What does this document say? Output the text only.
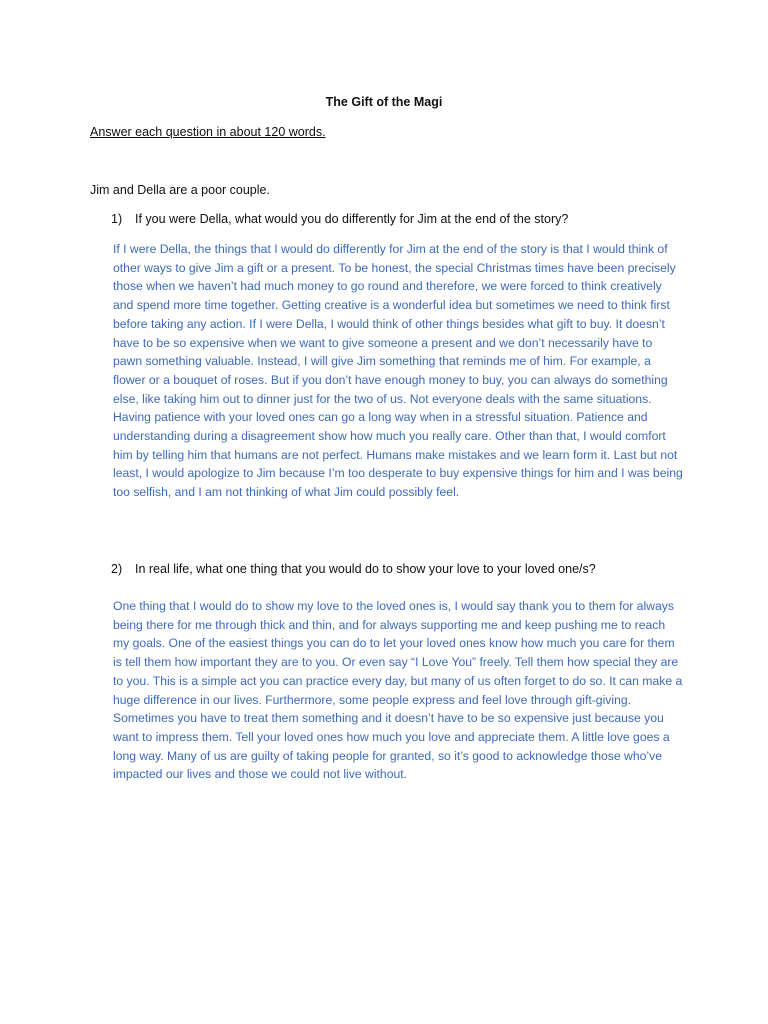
The Gift of the Magi
Answer each question in about 120 words.
Jim and Della are a poor couple.
1) If you were Della, what would you do differently for Jim at the end of the story?

If I were Della, the things that I would do differently for Jim at the end of the story is that I would think of other ways to give Jim a gift or a present. To be honest, the special Christmas times have been precisely those when we haven’t had much money to go round and therefore, we were forced to think creatively and spend more time together. Getting creative is a wonderful idea but sometimes we need to think first before taking any action. If I were Della, I would think of other things besides what gift to buy. It doesn’t have to be so expensive when we want to give someone a present and we don’t necessarily have to pawn something valuable. Instead, I will give Jim something that reminds me of him. For example, a flower or a bouquet of roses. But if you don’t have enough money to buy, you can always do something else, like taking him out to dinner just for the two of us. Not everyone deals with the same situations. Having patience with your loved ones can go a long way when in a stressful situation. Patience and understanding during a disagreement show how much you really care. Other than that, I would comfort him by telling him that humans are not perfect. Humans make mistakes and we learn form it. Last but not least, I would apologize to Jim because I’m too desperate to buy expensive things for him and I was being too selfish, and I am not thinking of what Jim could possibly feel.

2) In real life, what one thing that you would do to show your love to your loved one/s?

One thing that I would do to show my love to the loved ones is, I would say thank you to them for always being there for me through thick and thin, and for always supporting me and keep pushing me to reach my goals. One of the easiest things you can do to let your loved ones know how much you care for them is tell them how important they are to you. Or even say “I Love You” freely. Tell them how special they are to you. This is a simple act you can practice every day, but many of us often forget to do so. It can make a huge difference in our lives. Furthermore, some people express and feel love through gift-giving. Sometimes you have to treat them something and it doesn’t have to be so expensive just because you want to impress them. Tell your loved ones how much you love and appreciate them. A little love goes a long way. Many of us are guilty of taking people for granted, so it’s good to acknowledge those who’ve impacted our lives and those we could not live without.
